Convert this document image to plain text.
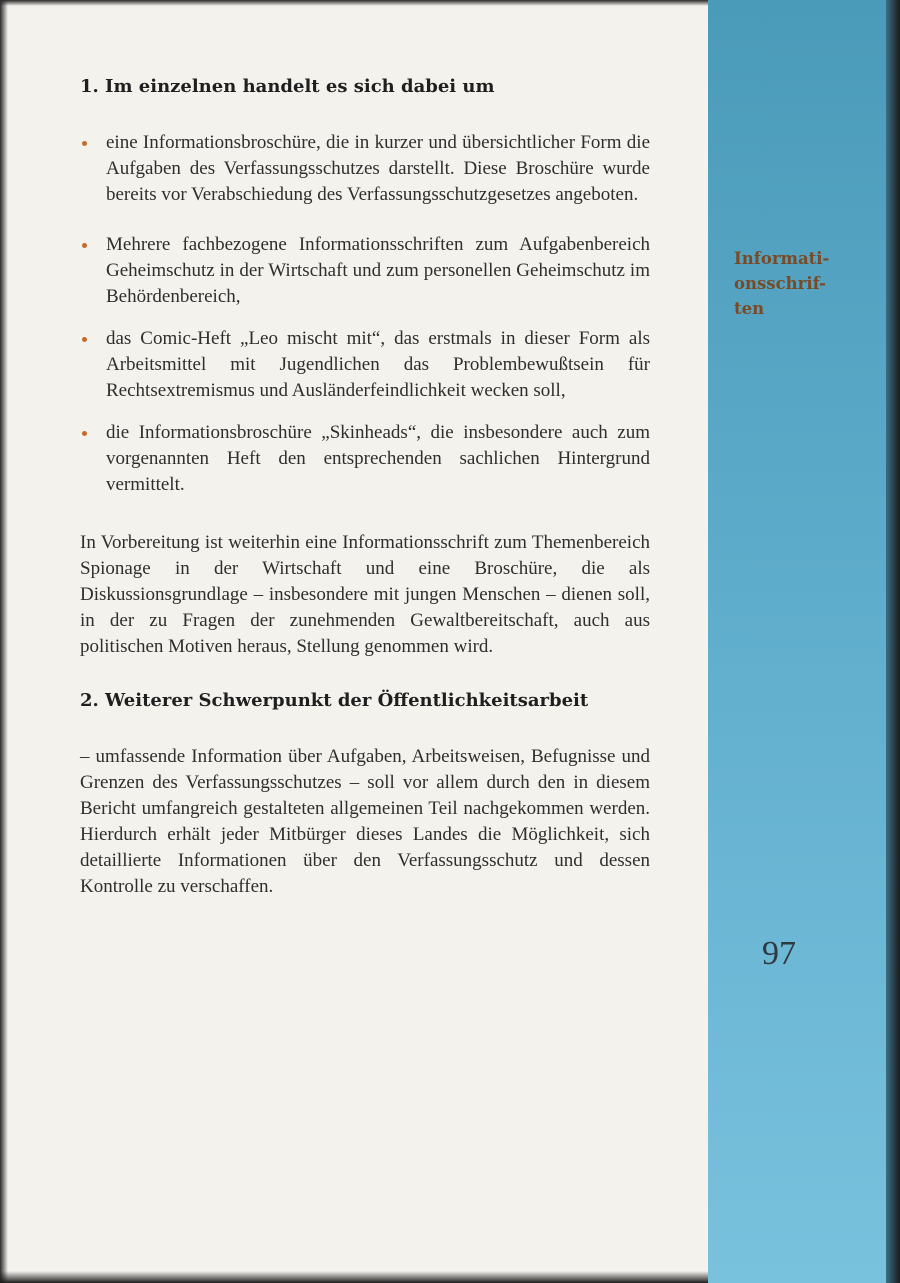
Informati-
onsschrif-
ten
97
1. Im einzelnen handelt es sich dabei um
eine Informationsbroschüre, die in kurzer und übersichtlicher Form die Aufgaben des Verfassungsschutzes darstellt. Diese Broschüre wurde bereits vor Verabschiedung des Verfassungsschutzgesetzes angeboten.
Mehrere fachbezogene Informationsschriften zum Aufgabenbereich Geheimschutz in der Wirtschaft und zum personellen Geheimschutz im Behördenbereich,
das Comic-Heft „Leo mischt mit“, das erstmals in dieser Form als Arbeitsmittel mit Jugendlichen das Problembewußtsein für Rechtsextremismus und Ausländerfeindlichkeit wecken soll,
die Informationsbroschüre „Skinheads“, die insbesondere auch zum vorgenannten Heft den entsprechenden sachlichen Hintergrund vermittelt.

In Vorbereitung ist weiterhin eine Informationsschrift zum Themenbereich Spionage in der Wirtschaft und eine Broschüre, die als Diskussionsgrundlage – insbesondere mit jungen Menschen – dienen soll, in der zu Fragen der zunehmenden Gewaltbereitschaft, auch aus politischen Motiven heraus, Stellung genommen wird.

2. Weiterer Schwerpunkt der Öffentlichkeitsarbeit

– umfassende Information über Aufgaben, Arbeitsweisen, Befugnisse und Grenzen des Verfassungsschutzes – soll vor allem durch den in diesem Bericht umfangreich gestalteten allgemeinen Teil nachgekommen werden. Hierdurch erhält jeder Mitbürger dieses Landes die Möglichkeit, sich detaillierte Informationen über den Verfassungsschutz und dessen Kontrolle zu verschaffen.
